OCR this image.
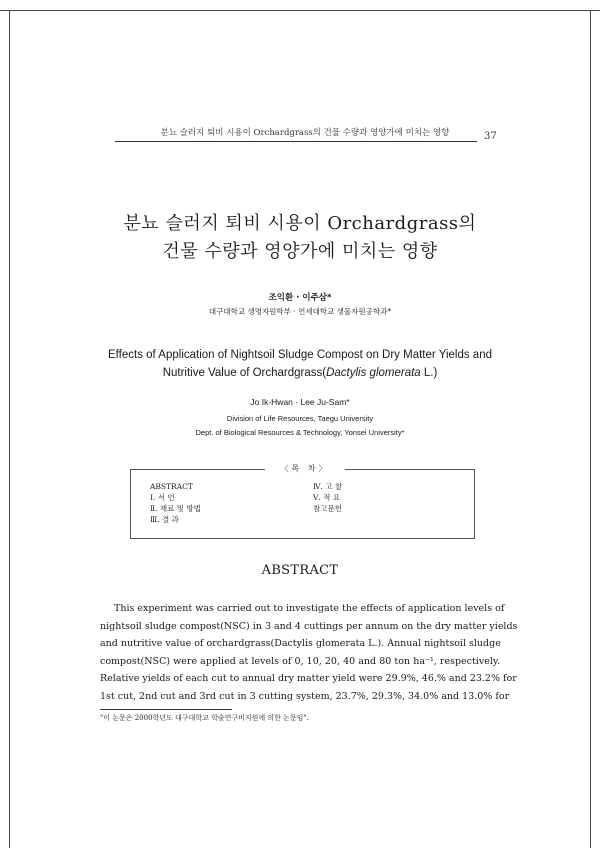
분뇨 슬러지 퇴비 시용이 Orchardgrass의 건물 수량과 영양가에 미치는 영향	37
분뇨 슬러지 퇴비 시용이 Orchardgrass의
건물 수량과 영양가에 미치는 영향
조익환 · 이주삼*
대구대학교 생명자원학부 · 연세대학교 생물자원공학과*
Effects of Application of Nightsoil Sludge Compost on Dry Matter Yields and
Nutritive Value of Orchardgrass(Dactylis glomerata L.)
Jo Ik-Hwan · Lee Ju-Sam*
Division of Life Resources, Taegu University
Dept. of Biological Resources & Technology, Yonsei University*
〈목 차〉
ABSTRACT
Ⅰ. 서 언
Ⅱ. 재료 및 방법
Ⅲ. 결 과
Ⅳ. 고 찰
Ⅴ. 적 요
참고문헌
ABSTRACT
This experiment was carried out to investigate the effects of application levels of
nightsoil sludge compost(NSC) in 3 and 4 cuttings per annum on the dry matter yields
and nutritive value of orchardgrass(Dactylis glomerata L.). Annual nightsoil sludge
compost(NSC) were applied at levels of 0, 10, 20, 40 and 80 ton ha⁻¹, respectively.
Relative yields of each cut to annual dry matter yield were 29.9%, 46.% and 23.2% for
1st cut, 2nd cut and 3rd cut in 3 cutting system, 23.7%, 29.3%, 34.0% and 13.0% for
"이 논문은 2000학년도 대구대학교 학술연구비지원에 의한 논문임".
